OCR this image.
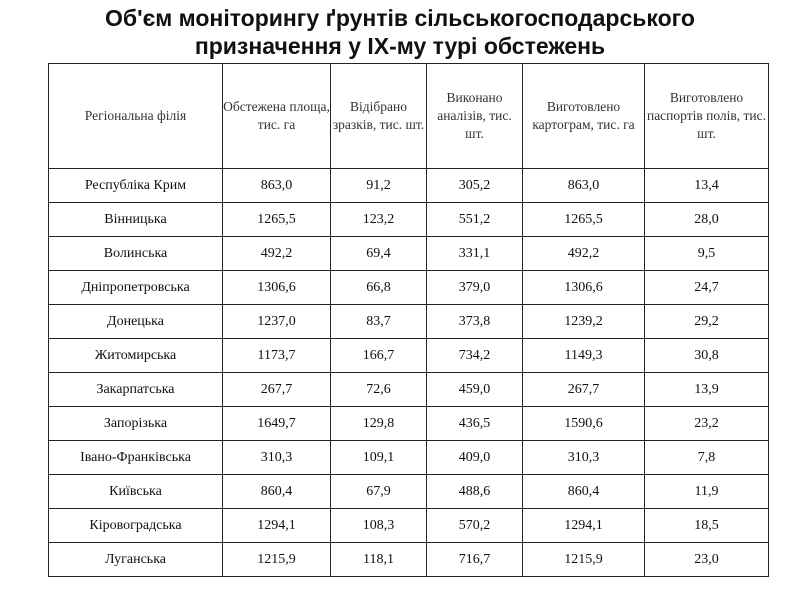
Об'єм моніторингу ґрунтів сільськогосподарського
призначення у ІХ-му турі обстежень
Регіональна філія	Обстежена площа, тис. га	Відібрано зразків, тис. шт.	Виконано аналізів, тис. шт.	Виготовлено картограм, тис. га	Виготовлено паспортів полів, тис. шт.
Республіка Крим	863,0	91,2	305,2	863,0	13,4
Вінницька	1265,5	123,2	551,2	1265,5	28,0
Волинська	492,2	69,4	331,1	492,2	9,5
Дніпропетровська	1306,6	66,8	379,0	1306,6	24,7
Донецька	1237,0	83,7	373,8	1239,2	29,2
Житомирська	1173,7	166,7	734,2	1149,3	30,8
Закарпатська	267,7	72,6	459,0	267,7	13,9
Запорізька	1649,7	129,8	436,5	1590,6	23,2
Івано-Франківська	310,3	109,1	409,0	310,3	7,8
Київська	860,4	67,9	488,6	860,4	11,9
Кіровоградська	1294,1	108,3	570,2	1294,1	18,5
Луганська	1215,9	118,1	716,7	1215,9	23,0
